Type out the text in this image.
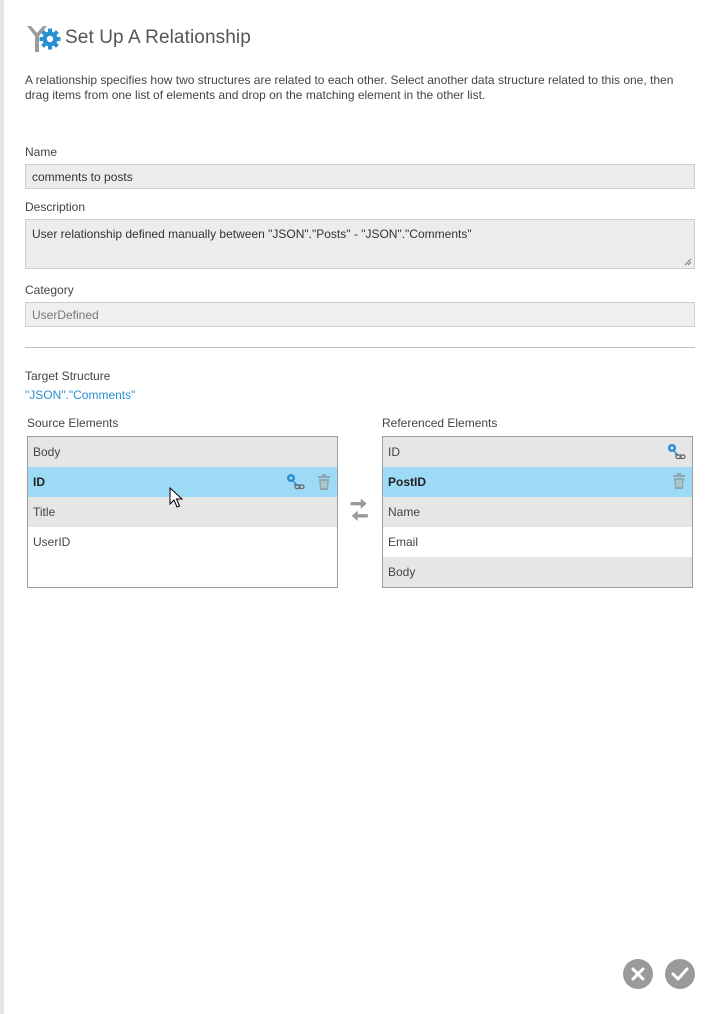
Set Up A Relationship

A relationship specifies how two structures are related to each other. Select another data structure related to this one, then drag items from one list of elements and drop on the matching element in the other list.

Name
comments to posts
Description
User relationship defined manually between "JSON"."Posts" - "JSON"."Comments"
Category
UserDefined
Target Structure
"JSON"."Comments"
Source Elements
Body
ID
Title
UserID
Referenced Elements
ID
PostID
Name
Email
Body
